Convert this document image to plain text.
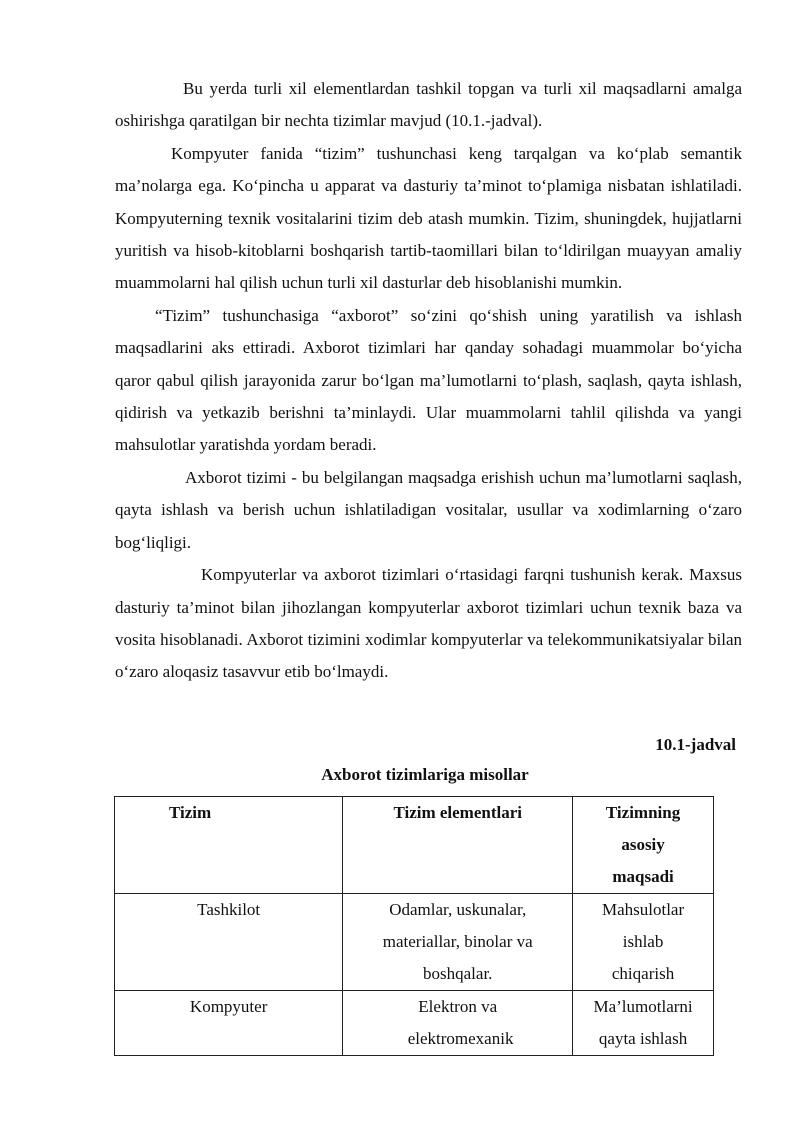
Bu yerda turli xil elementlardan tashkil topgan va turli xil maqsadlarni amalga oshirishga qaratilgan bir nechta tizimlar mavjud (10.1.-jadval).

Kompyuter fanida “tizim” tushunchasi keng tarqalgan va ko‘plab semantik ma’nolarga ega. Ko‘pincha u apparat va dasturiy ta’minot to‘plamiga nisbatan ishlatiladi. Kompyuterning texnik vositalarini tizim deb atash mumkin. Tizim, shuningdek, hujjatlarni yuritish va hisob-kitoblarni boshqarish tartib-taomillari bilan to‘ldirilgan muayyan amaliy muammolarni hal qilish uchun turli xil dasturlar deb hisoblanishi mumkin.

“Tizim” tushunchasiga “axborot” so‘zini qo‘shish uning yaratilish va ishlash maqsadlarini aks ettiradi. Axborot tizimlari har qanday sohadagi muammolar bo‘yicha qaror qabul qilish jarayonida zarur bo‘lgan ma’lumotlarni to‘plash, saqlash, qayta ishlash, qidirish va yetkazib berishni ta’minlaydi. Ular muammolarni tahlil qilishda va yangi mahsulotlar yaratishda yordam beradi.

Axborot tizimi - bu belgilangan maqsadga erishish uchun ma’lumotlarni saqlash, qayta ishlash va berish uchun ishlatiladigan vositalar, usullar va xodimlarning o‘zaro bog‘liqligi.

Kompyuterlar va axborot tizimlari o‘rtasidagi farqni tushunish kerak. Maxsus dasturiy ta’minot bilan jihozlangan kompyuterlar axborot tizimlari uchun texnik baza va vosita hisoblanadi. Axborot tizimini xodimlar kompyuterlar va telekommunikatsiyalar bilan o‘zaro aloqasiz tasavvur etib bo‘lmaydi.

10.1-jadval
Axborot tizimlariga misollar
Tizim	Tizim elementlari	Tizimning asosiy maqsadi

Tashkilot	Odamlar, uskunalar, materiallar, binolar va boshqalar.	Mahsulotlar ishlab chiqarish

Kompyuter	Elektron va elektromexanik	Ma’lumotlarni qayta ishlash
